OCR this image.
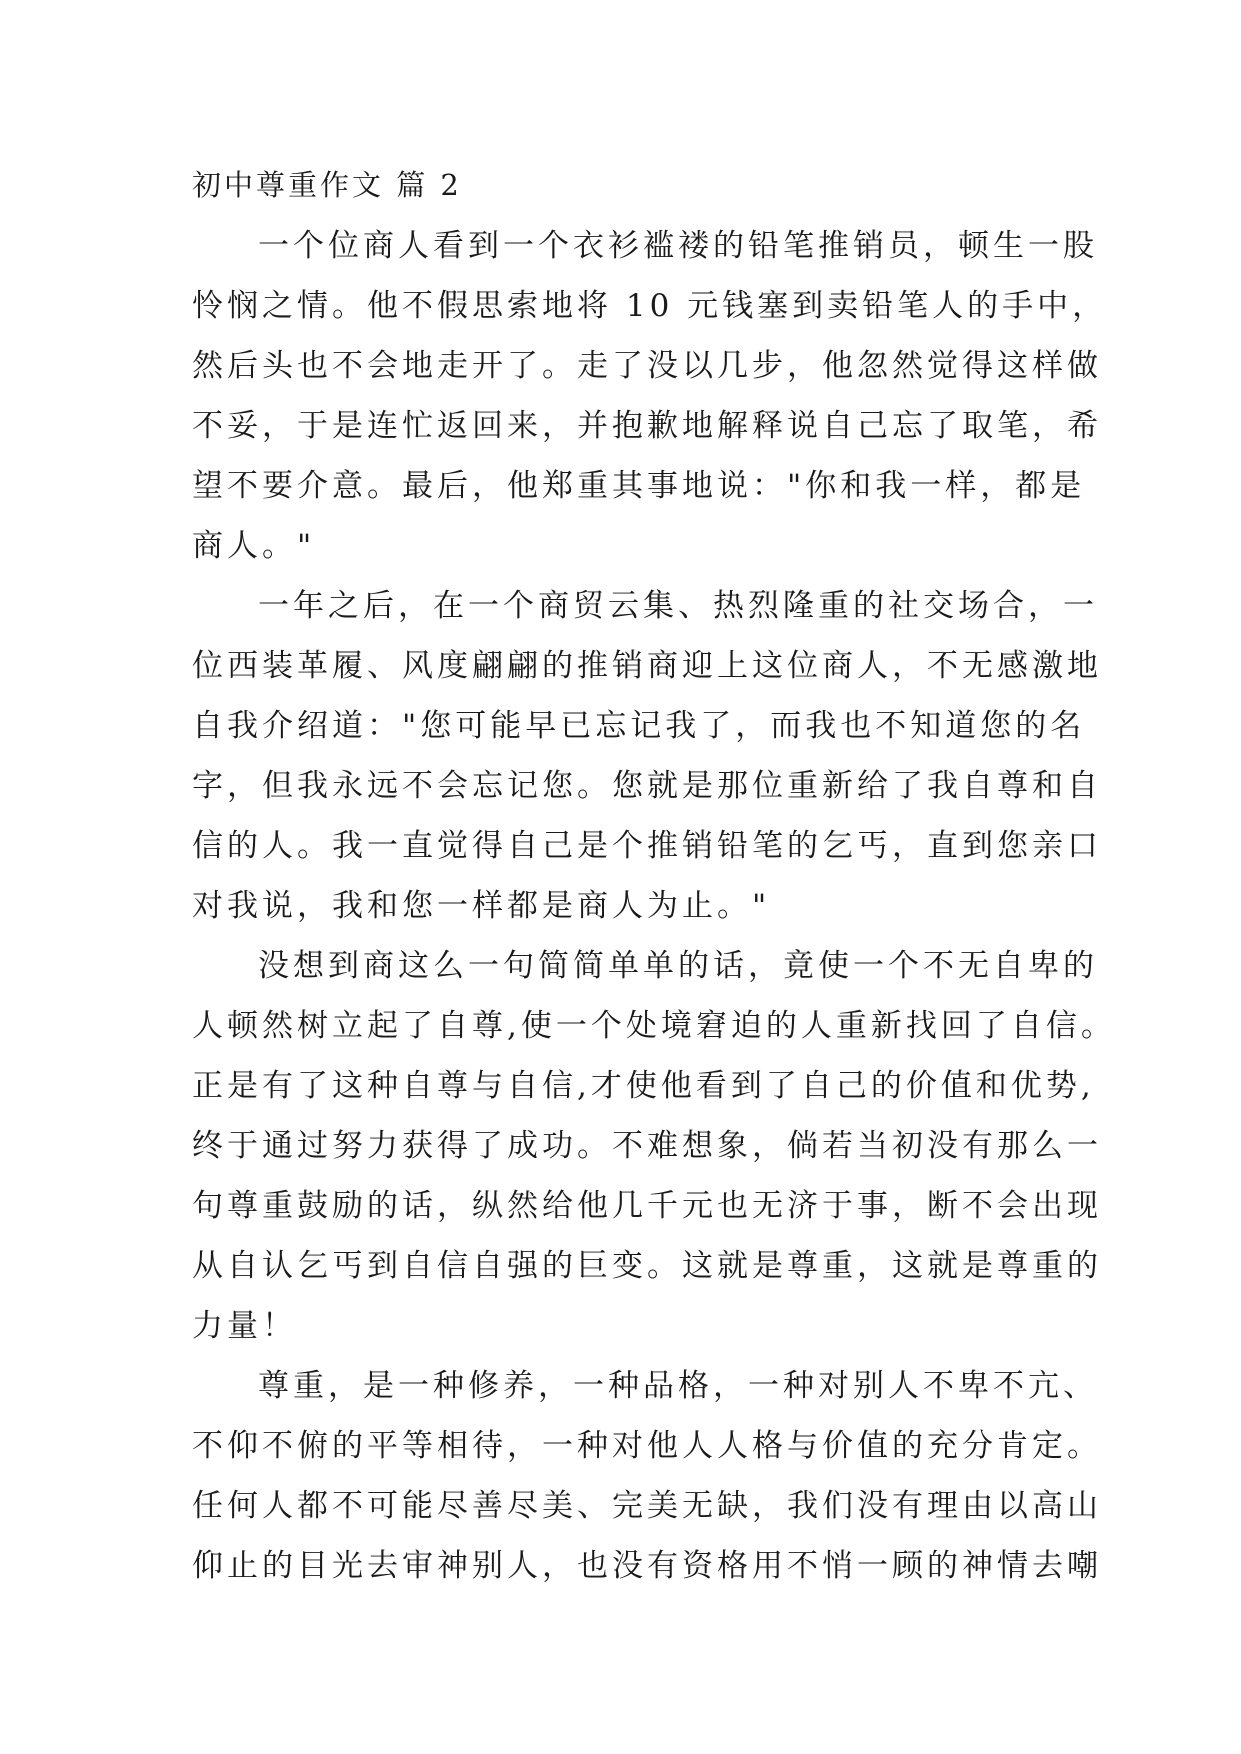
初中尊重作文 篇 2
一个位商人看到一个衣衫褴褛的铅笔推销员，顿生一股
怜悯之情。他不假思索地将 10 元钱塞到卖铅笔人的手中，
然后头也不会地走开了。走了没以几步，他忽然觉得这样做
不妥，于是连忙返回来，并抱歉地解释说自己忘了取笔，希
望不要介意。最后，他郑重其事地说："你和我一样，都是
商人。"
一年之后，在一个商贸云集、热烈隆重的社交场合，一
位西装革履、风度翩翩的推销商迎上这位商人，不无感激地
自我介绍道："您可能早已忘记我了，而我也不知道您的名
字，但我永远不会忘记您。您就是那位重新给了我自尊和自
信的人。我一直觉得自己是个推销铅笔的乞丐，直到您亲口
对我说，我和您一样都是商人为止。"
没想到商这么一句简简单单的话，竟使一个不无自卑的
人顿然树立起了自尊,使一个处境窘迫的人重新找回了自信。
正是有了这种自尊与自信,才使他看到了自己的价值和优势,
终于通过努力获得了成功。不难想象，倘若当初没有那么一
句尊重鼓励的话，纵然给他几千元也无济于事，断不会出现
从自认乞丐到自信自强的巨变。这就是尊重，这就是尊重的
力量！
尊重，是一种修养，一种品格，一种对别人不卑不亢、
不仰不俯的平等相待，一种对他人人格与价值的充分肯定。
任何人都不可能尽善尽美、完美无缺，我们没有理由以高山
仰止的目光去审神别人，也没有资格用不悄一顾的神情去嘲
